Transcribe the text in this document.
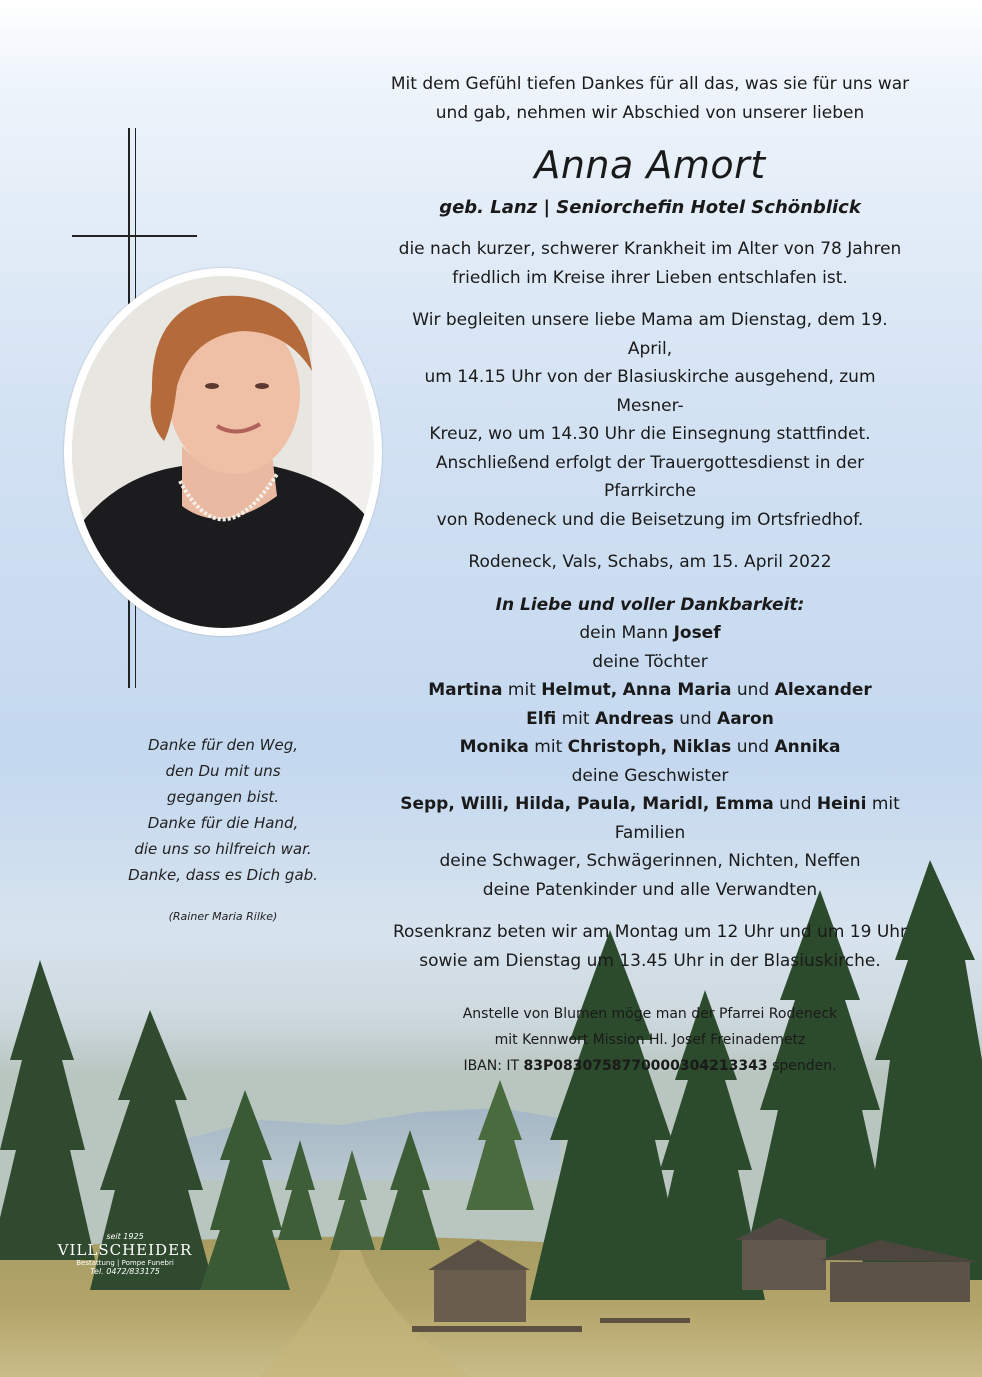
Mit dem Gefühl tiefen Dankes für all das, was sie für uns war

und gab, nehmen wir Abschied von unserer lieben

Anna Amort

geb. Lanz | Seniorchefin Hotel Schönblick

die nach kurzer, schwerer Krankheit im Alter von 78 Jahren

friedlich im Kreise ihrer Lieben entschlafen ist.

Wir begleiten unsere liebe Mama am Dienstag, dem 19. April,

um 14.15 Uhr von der Blasiuskirche ausgehend, zum Mesner-

Kreuz, wo um 14.30 Uhr die Einsegnung stattfindet.

Anschließend erfolgt der Trauergottesdienst in der Pfarrkirche

von Rodeneck und die Beisetzung im Ortsfriedhof.

Rodeneck, Vals, Schabs, am 15. April 2022

In Liebe und voller Dankbarkeit:

dein Mann Josef

deine Töchter

Martina mit Helmut, Anna Maria und Alexander

Elfi mit Andreas und Aaron

Monika mit Christoph, Niklas und Annika

deine Geschwister

Sepp, Willi, Hilda, Paula, Maridl, Emma und Heini mit Familien

deine Schwager, Schwägerinnen, Nichten, Neffen

deine Patenkinder und alle Verwandten

Rosenkranz beten wir am Montag um 12 Uhr und um 19 Uhr

sowie am Dienstag um 13.45 Uhr in der Blasiuskirche.

Anstelle von Blumen möge man der Pfarrei Rodeneck

mit Kennwort Mission Hl. Josef Freinademetz

IBAN: IT 83P0830758770000304213343 spenden.

Danke für den Weg,

den Du mit uns

gegangen bist.

Danke für die Hand,

die uns so hilfreich war.

Danke, dass es Dich gab.

(Rainer Maria Rilke)

seit 1925
VILLSCHEIDER
Bestattung | Pompe Funebri
Tel. 0472/833175
